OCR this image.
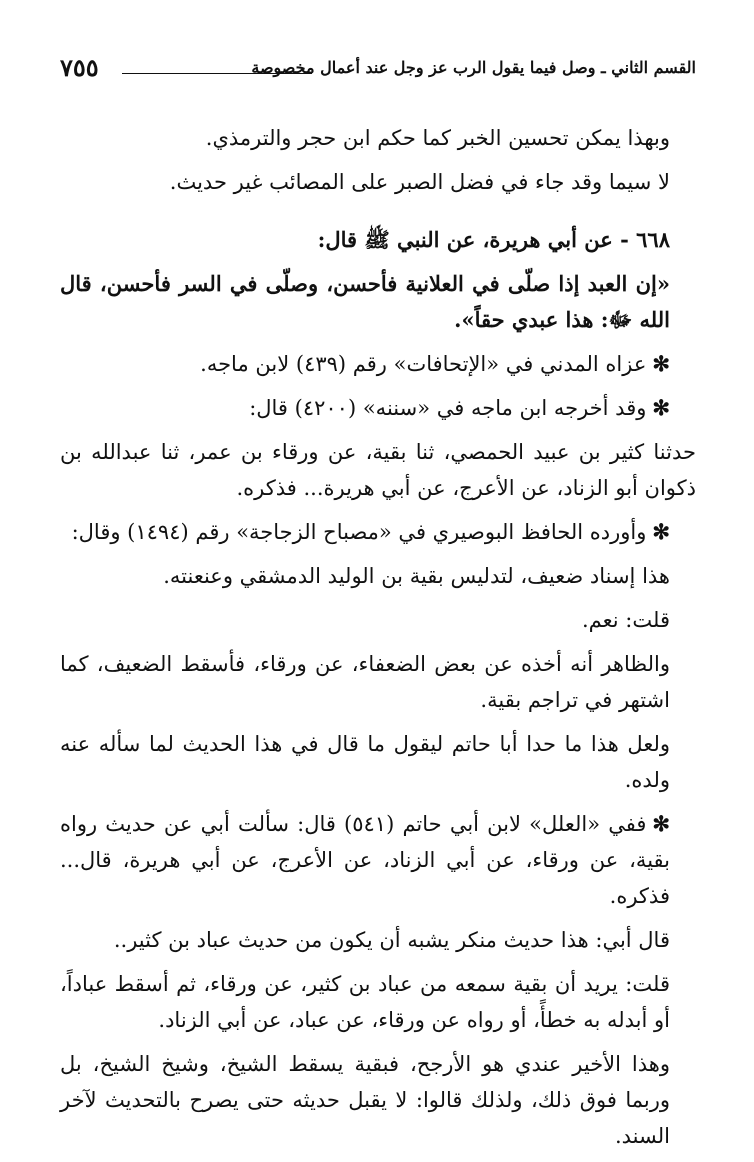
القسم الثاني ـ وصل فيما يقول الرب عز وجل عند أعمال مخصوصة
٧٥٥

وبهذا يمكن تحسين الخبر كما حكم ابن حجر والترمذي.

لا سيما وقد جاء في فضل الصبر على المصائب غير حديث.

٦٦٨ - عن أبي هريرة، عن النبي ﷺ قال:

«إن العبد إذا صلّى في العلانية فأحسن، وصلّى في السر فأحسن، قال الله ﷻ: هذا عبدي حقاً».

✻عزاه المدني في «الإتحافات» رقم (٤٣٩) لابن ماجه.

✻وقد أخرجه ابن ماجه في «سننه» (٤٢٠٠) قال:

حدثنا كثير بن عبيد الحمصي، ثنا بقية، عن ورقاء بن عمر، ثنا عبدالله بن ذكوان أبو الزناد، عن الأعرج، عن أبي هريرة... فذكره.

✻وأورده الحافظ البوصيري في «مصباح الزجاجة» رقم (١٤٩٤) وقال:

هذا إسناد ضعيف، لتدليس بقية بن الوليد الدمشقي وعنعنته.

قلت: نعم.

والظاهر أنه أخذه عن بعض الضعفاء، عن ورقاء، فأسقط الضعيف، كما اشتهر في تراجم بقية.

ولعل هذا ما حدا أبا حاتم ليقول ما قال في هذا الحديث لما سأله عنه ولده.

✻ففي «العلل» لابن أبي حاتم (٥٤١) قال: سألت أبي عن حديث رواه بقية، عن ورقاء، عن أبي الزناد، عن الأعرج، عن أبي هريرة، قال... فذكره.

قال أبي: هذا حديث منكر يشبه أن يكون من حديث عباد بن كثير..

قلت: يريد أن بقية سمعه من عباد بن كثير، عن ورقاء، ثم أسقط عباداً، أو أبدله به خطأً، أو رواه عن ورقاء، عن عباد، عن أبي الزناد.

وهذا الأخير عندي هو الأرجح، فبقية يسقط الشيخ، وشيخ الشيخ، بل وربما فوق ذلك، ولذلك قالوا: لا يقبل حديثه حتى يصرح بالتحديث لآخر السند.
